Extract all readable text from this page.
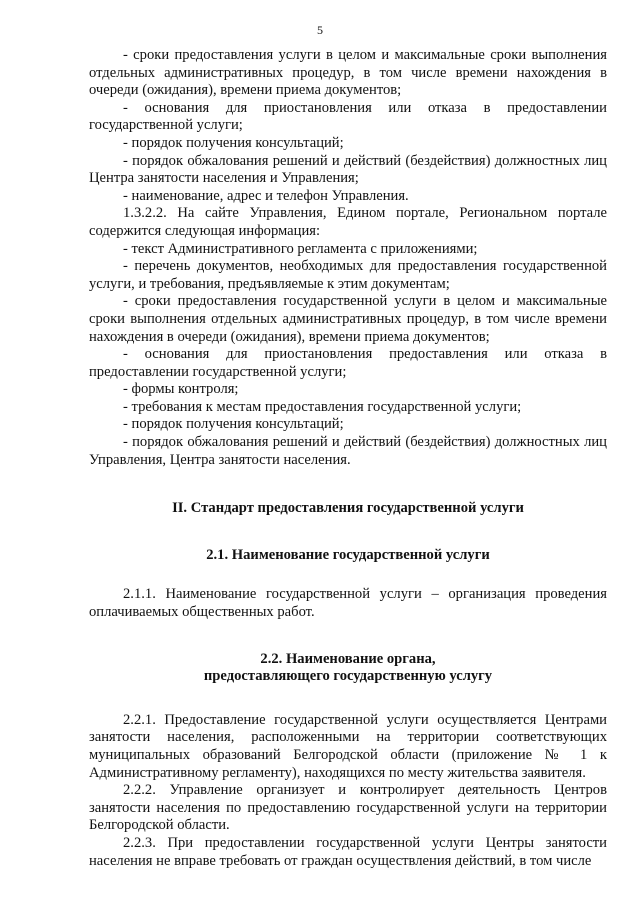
5

- сроки предоставления услуги в целом и максимальные сроки выполнения отдельных административных процедур, в том числе времени нахождения в очереди (ожидания), времени приема документов;

- основания для приостановления или отказа в предоставлении государственной услуги;

- порядок получения консультаций;

- порядок обжалования решений и действий (бездействия) должностных лиц Центра занятости населения и Управления;

- наименование, адрес и телефон Управления.

1.3.2.2. На сайте Управления, Едином портале, Региональном портале содержится следующая информация:

- текст Административного регламента с приложениями;

- перечень документов, необходимых для предоставления государственной услуги, и требования, предъявляемые к этим документам;

- сроки предоставления государственной услуги в целом и максимальные сроки выполнения отдельных административных процедур, в том числе времени нахождения в очереди (ожидания), времени приема документов;

- основания для приостановления предоставления или отказа в предоставлении государственной услуги;

- формы контроля;

- требования к местам предоставления государственной услуги;

- порядок получения консультаций;

- порядок обжалования решений и действий (бездействия) должностных лиц Управления, Центра занятости населения.

II. Стандарт предоставления государственной услуги

2.1. Наименование государственной услуги

2.1.1. Наименование государственной услуги – организация проведения оплачиваемых общественных работ.

2.2. Наименование органа,

предоставляющего государственную услугу

2.2.1. Предоставление государственной услуги осуществляется Центрами занятости населения, расположенными на территории соответствующих муниципальных образований Белгородской области (приложение № 1 к Административному регламенту), находящихся по месту жительства заявителя.

2.2.2. Управление организует и контролирует деятельность Центров занятости населения по предоставлению государственной услуги на территории Белгородской области.

2.2.3. При предоставлении государственной услуги Центры занятости населения не вправе требовать от граждан осуществления действий, в том числе
